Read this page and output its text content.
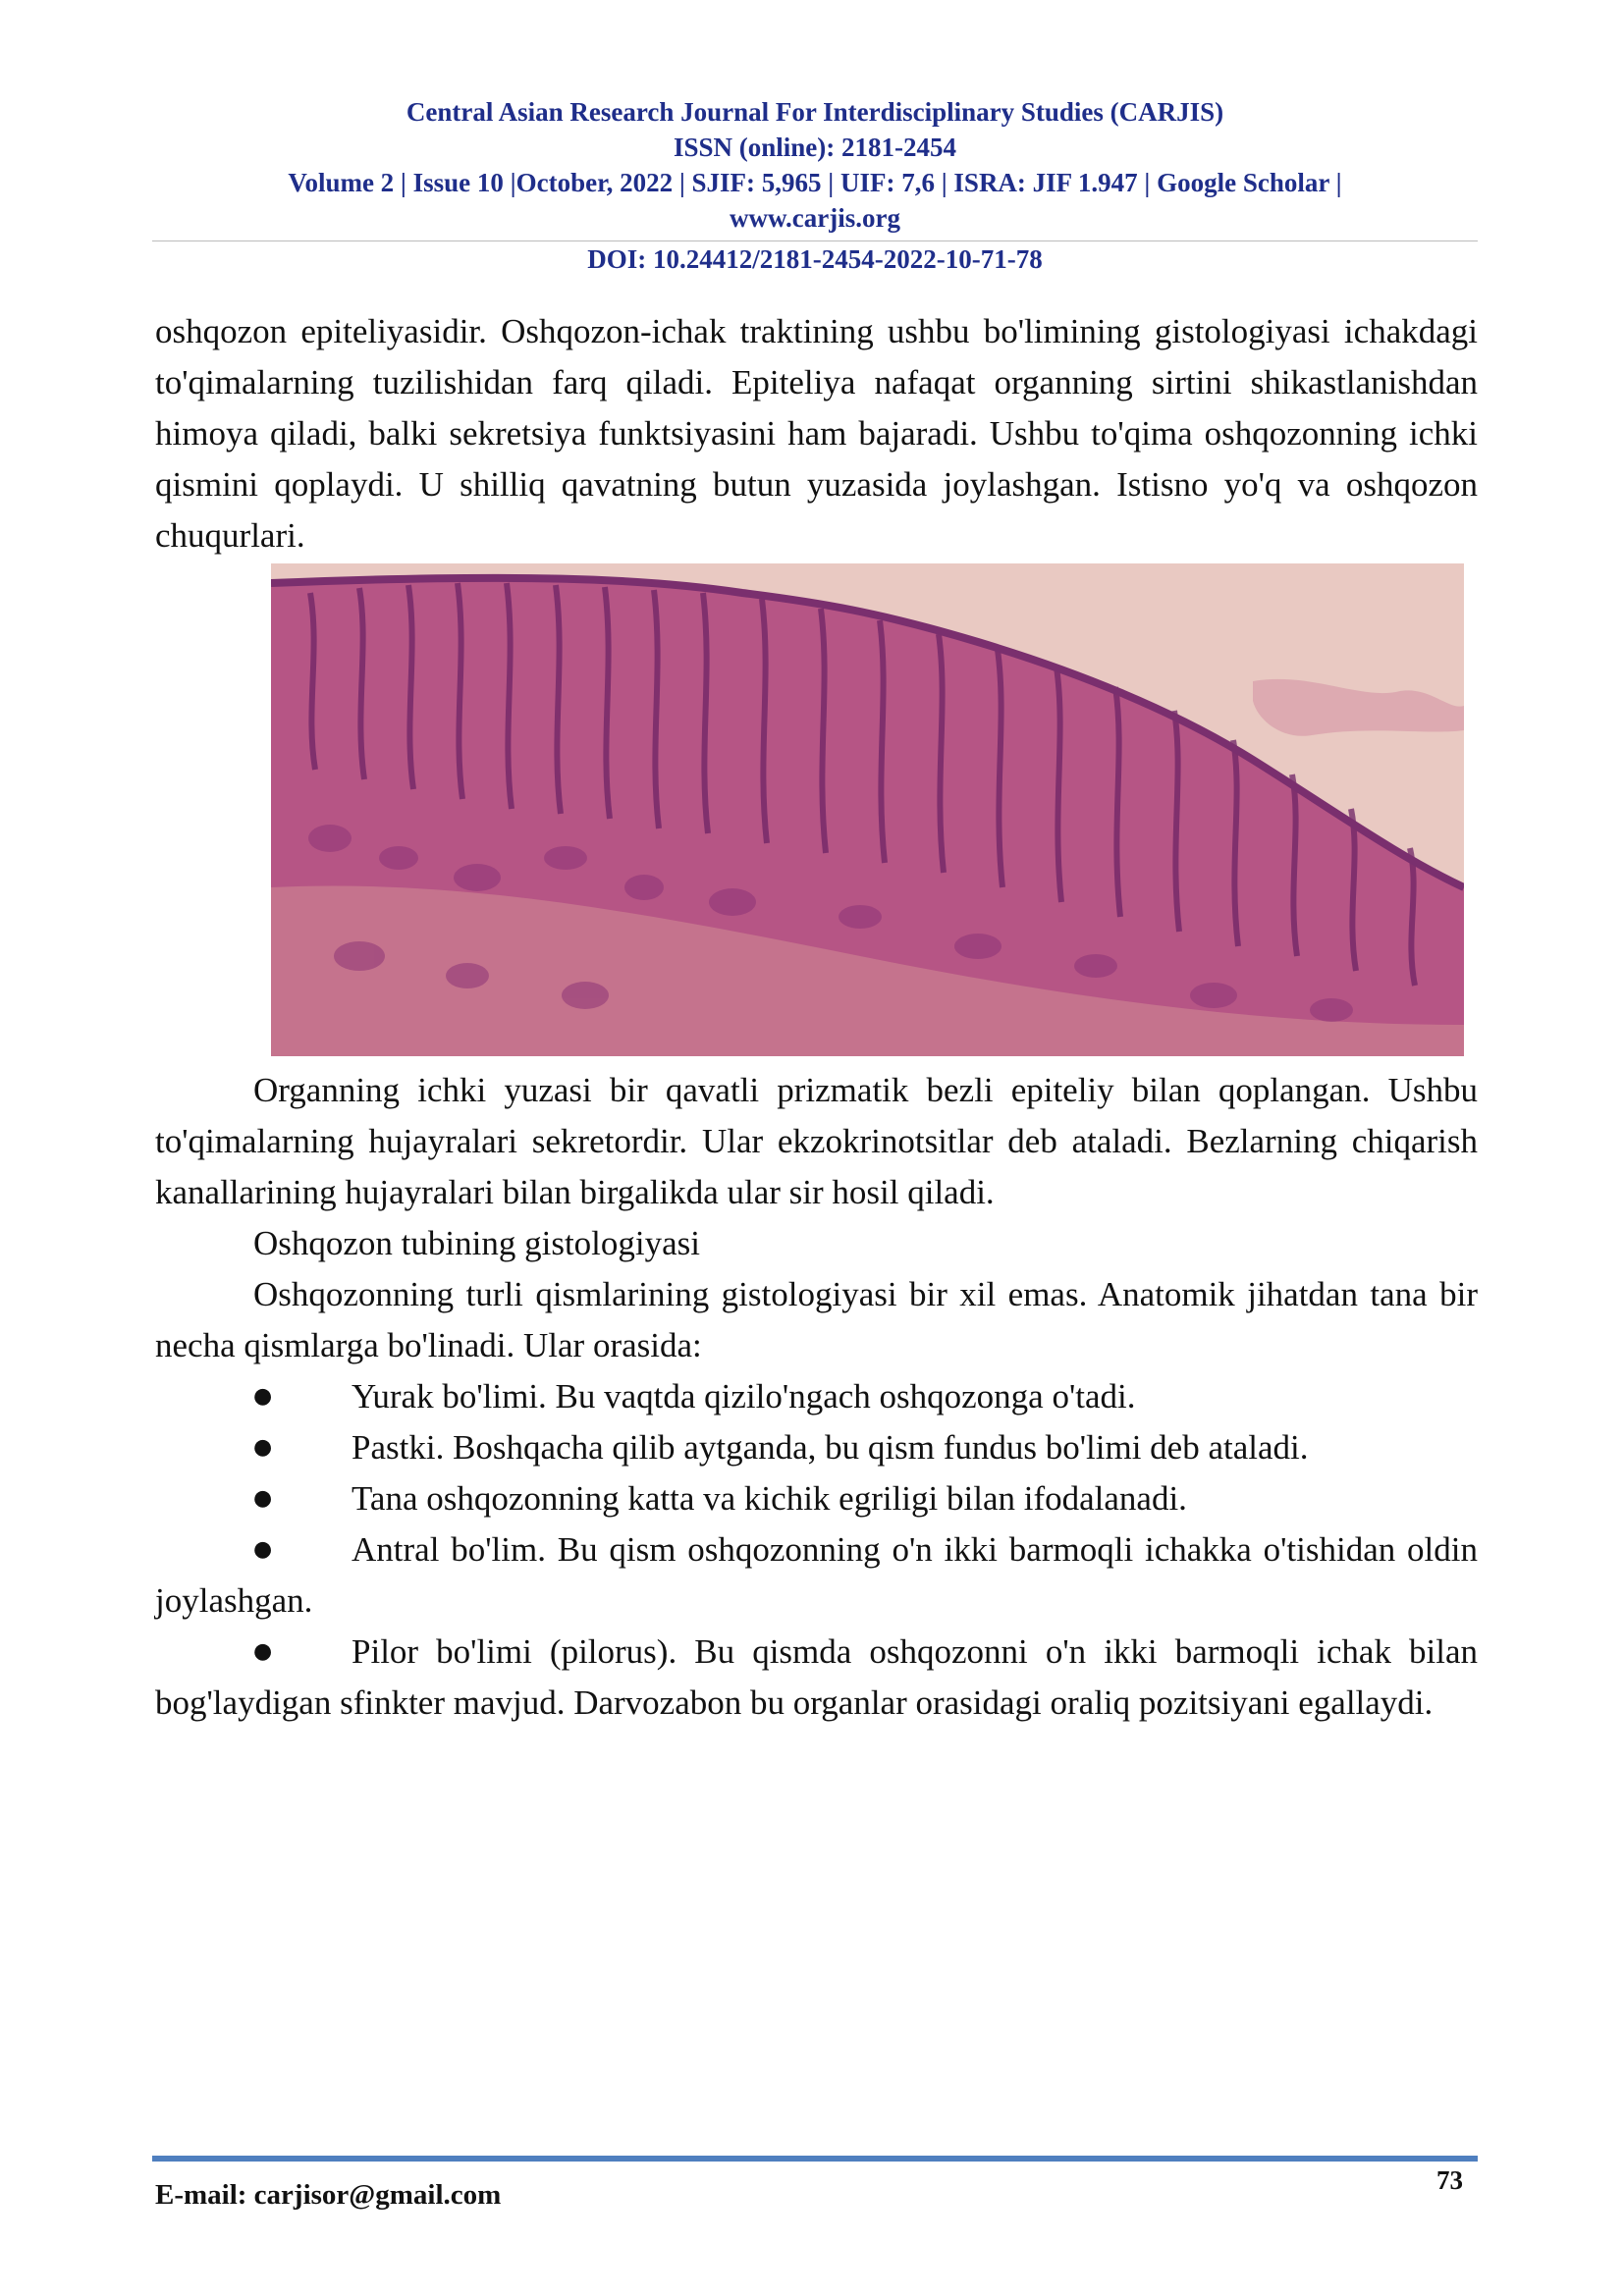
Central Asian Research Journal For Interdisciplinary Studies (CARJIS)
ISSN (online): 2181-2454
Volume 2 | Issue 10 |October, 2022 | SJIF: 5,965 | UIF: 7,6 | ISRA: JIF 1.947 | Google Scholar |
www.carjis.org
DOI: 10.24412/2181-2454-2022-10-71-78

oshqozon epiteliyasidir. Oshqozon-ichak traktining ushbu bo'limining gistologiyasi ichakdagi to'qimalarning tuzilishidan farq qiladi. Epiteliya nafaqat organning sirtini shikastlanishdan himoya qiladi, balki sekretsiya funktsiyasini ham bajaradi. Ushbu to'qima oshqozonning ichki qismini qoplaydi. U shilliq qavatning butun yuzasida joylashgan. Istisno yo'q va oshqozon chuqurlari.

Organning ichki yuzasi bir qavatli prizmatik bezli epiteliy bilan qoplangan. Ushbu to'qimalarning hujayralari sekretordir. Ular ekzokrinotsitlar deb ataladi. Bezlarning chiqarish kanallarining hujayralari bilan birgalikda ular sir hosil qiladi.

Oshqozon tubining gistologiyasi

Oshqozonning turli qismlarining gistologiyasi bir xil emas. Anatomik jihatdan tana bir necha qismlarga bo'linadi. Ular orasida:

● Yurak bo'limi. Bu vaqtda qizilo'ngach oshqozonga o'tadi.

● Pastki. Boshqacha qilib aytganda, bu qism fundus bo'limi deb ataladi.

● Tana oshqozonning katta va kichik egriligi bilan ifodalanadi.

● Antral bo'lim. Bu qism oshqozonning o'n ikki barmoqli ichakka o'tishidan oldin joylashgan.

● Pilor bo'limi (pilorus). Bu qismda oshqozonni o'n ikki barmoqli ichak bilan bog'laydigan sfinkter mavjud. Darvozabon bu organlar orasidagi oraliq pozitsiyani egallaydi.

E-mail: carjisor@gmail.com	73
